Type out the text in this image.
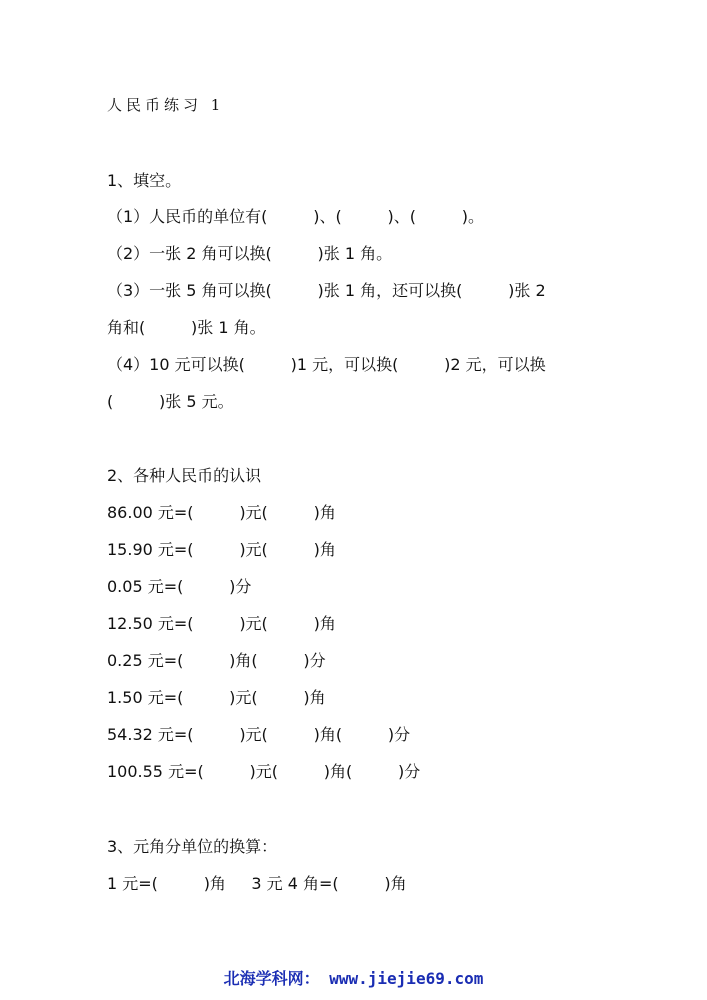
人民币练习 1
1、填空。
（1）人民币的单位有(         )、(         )、(         )。
（2）一张 2 角可以换(         )张 1 角。
（3）一张 5 角可以换(         )张 1 角，还可以换(         )张 2
角和(         )张 1 角。
（4）10 元可以换(         )1 元，可以换(         )2 元，可以换
(         )张 5 元。
2、各种人民币的认识
86.00 元=(         )元(         )角
15.90 元=(         )元(         )角
0.05 元=(         )分
12.50 元=(         )元(         )角
0.25 元=(         )角(         )分
1.50 元=(         )元(         )角
54.32 元=(         )元(         )角(         )分
100.55 元=(         )元(         )角(         )分
3、元角分单位的换算：
1 元=(         )角     3 元 4 角=(         )角
北海学科网： www.jiejie69.com
